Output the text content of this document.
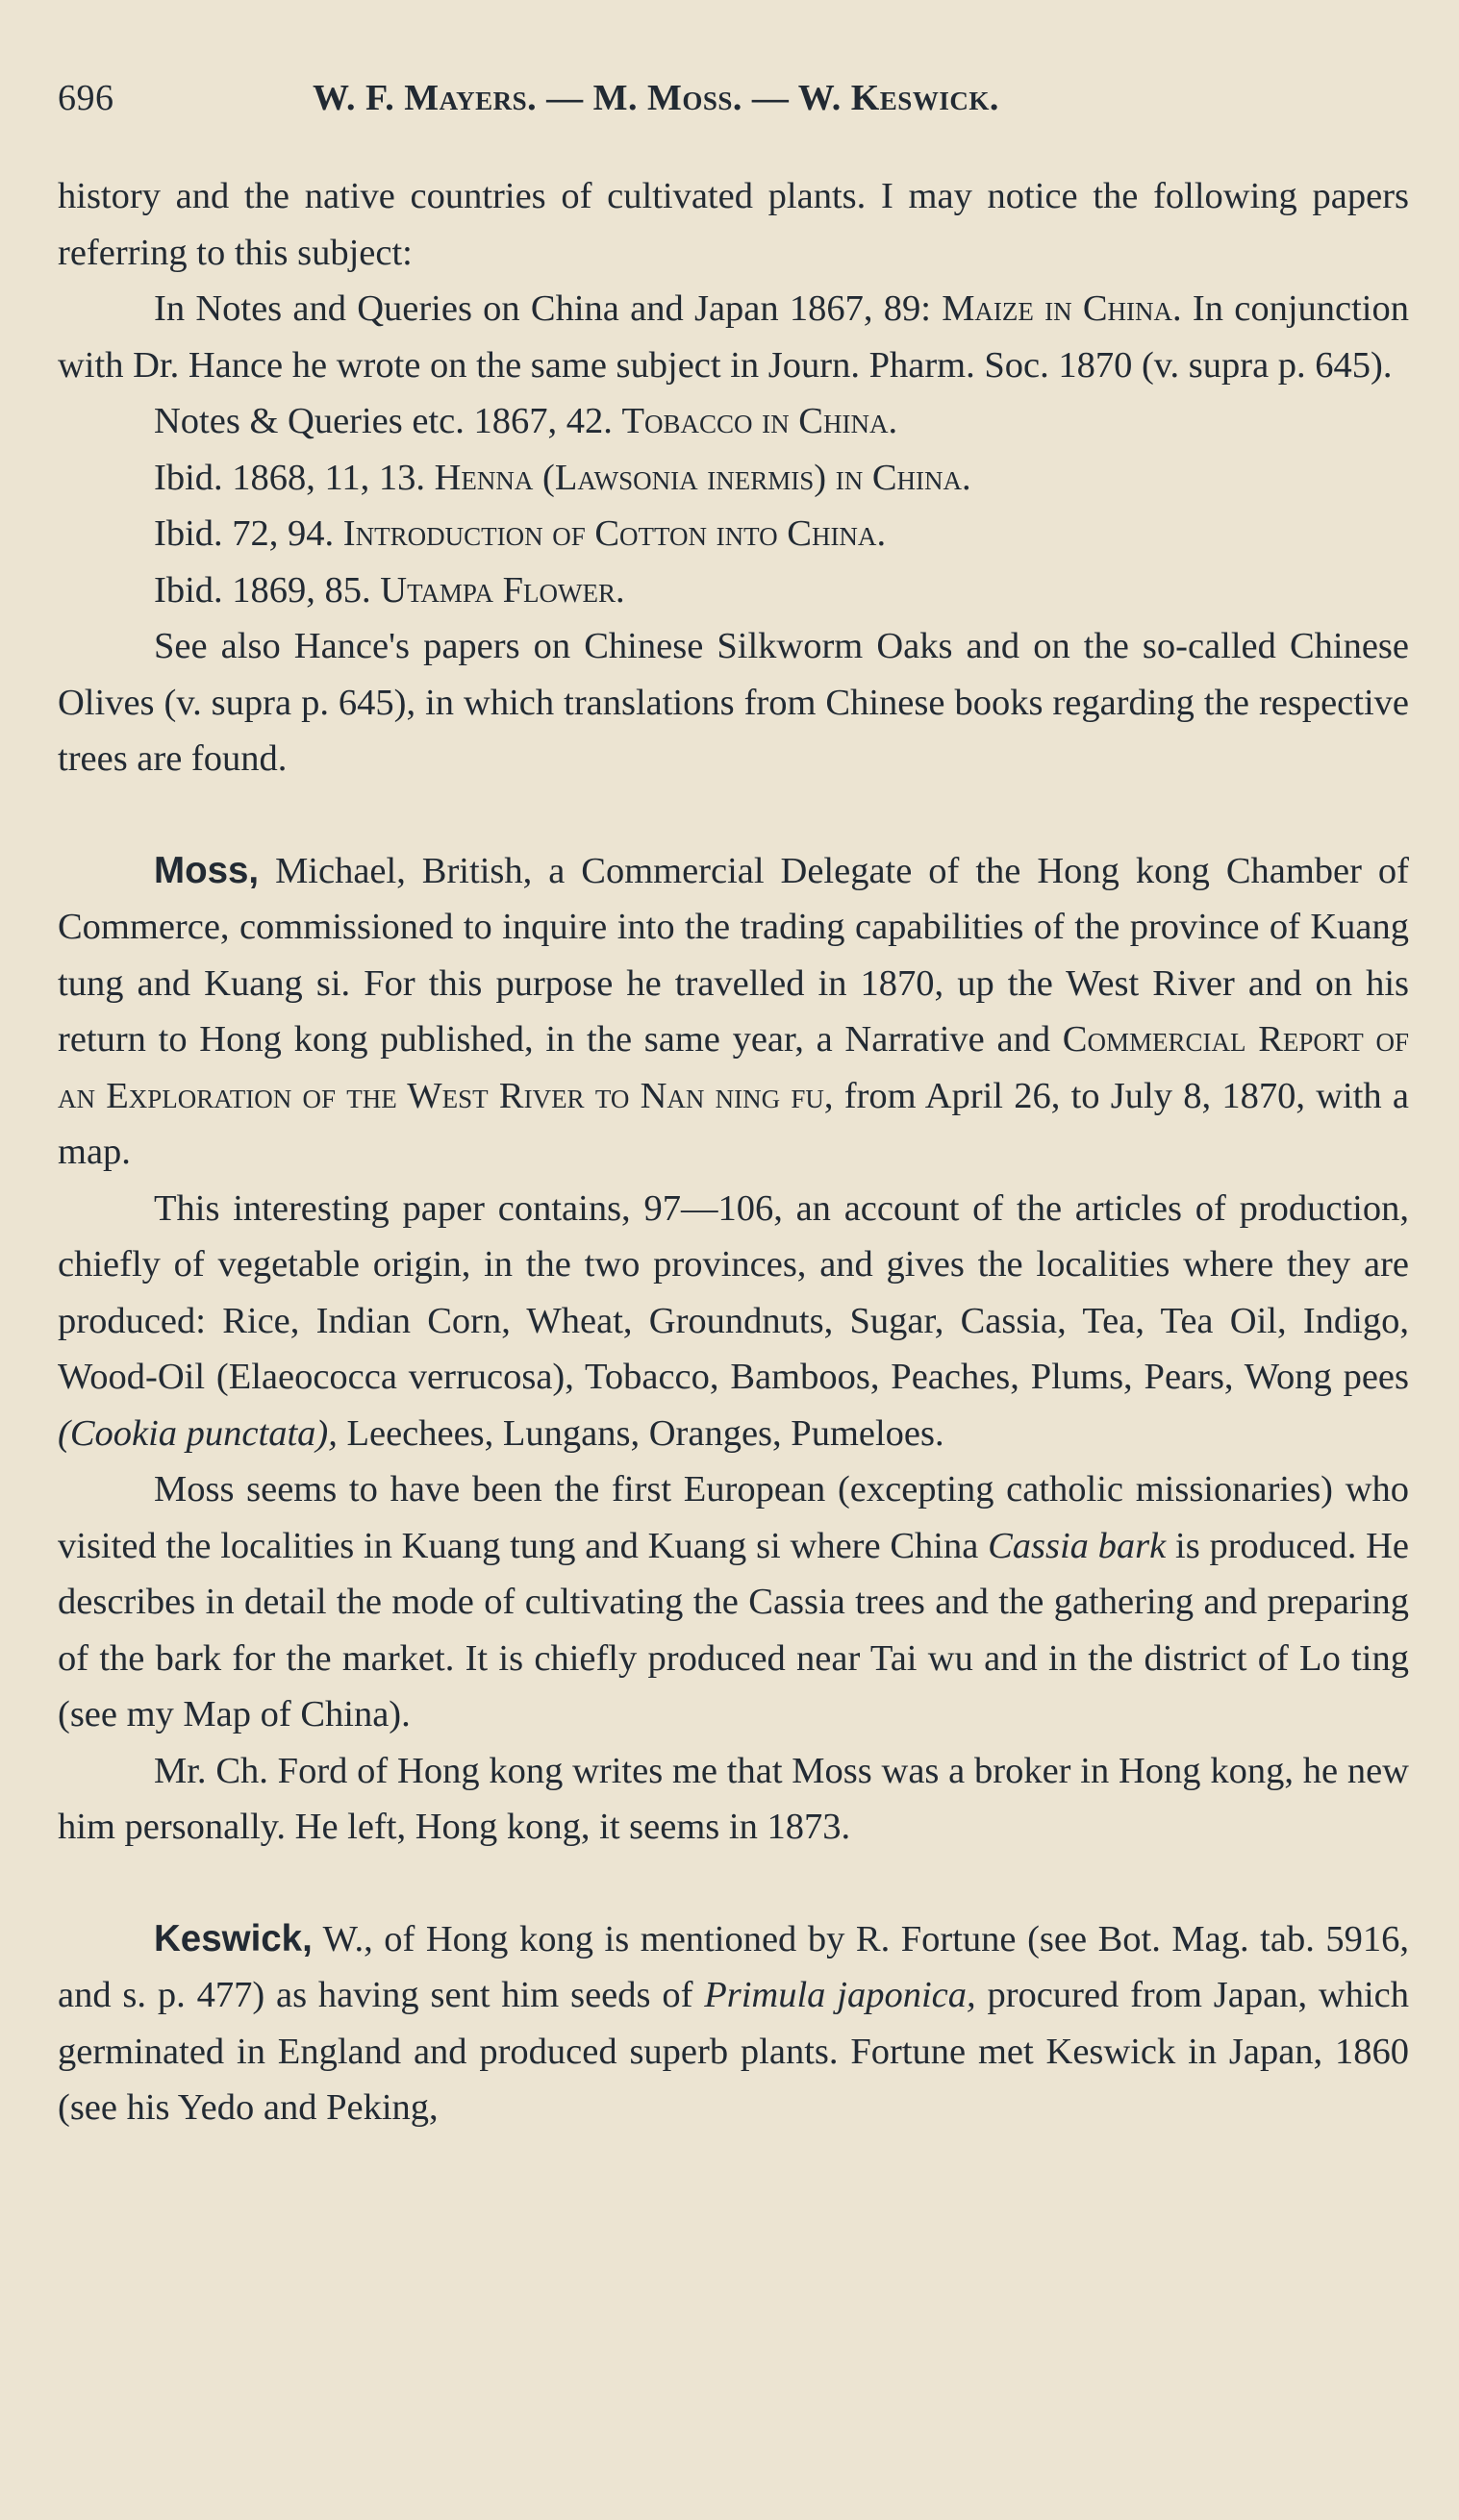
696	W. F. Mayers. — M. Moss. — W. Keswick.

history and the native countries of cultivated plants. I may notice the following papers referring to this subject:

In Notes and Queries on China and Japan 1867, 89: Maize in China. In conjunction with Dr. Hance he wrote on the same subject in Journ. Pharm. Soc. 1870 (v. supra p. 645).

Notes & Queries etc. 1867, 42. Tobacco in China.

Ibid. 1868, 11, 13. Henna (Lawsonia inermis) in China.

Ibid. 72, 94. Introduction of Cotton into China.

Ibid. 1869, 85. Utampa Flower.

See also Hance's papers on Chinese Silkworm Oaks and on the so-called Chinese Olives (v. supra p. 645), in which translations from Chinese books regarding the respective trees are found.

Moss, Michael, British, a Commercial Delegate of the Hong kong Chamber of Commerce, commissioned to inquire into the trading capabilities of the province of Kuang tung and Kuang si. For this purpose he travelled in 1870, up the West River and on his return to Hong kong published, in the same year, a Narrative and Commercial Report of an Exploration of the West River to Nan ning fu, from April 26, to July 8, 1870, with a map.

This interesting paper contains, 97—106, an account of the articles of production, chiefly of vegetable origin, in the two provinces, and gives the localities where they are produced: Rice, Indian Corn, Wheat, Groundnuts, Sugar, Cassia, Tea, Tea Oil, Indigo, Wood-Oil (Elaeococca verrucosa), Tobacco, Bamboos, Peaches, Plums, Pears, Wong pees (Cookia punctata), Leechees, Lungans, Oranges, Pumeloes.

Moss seems to have been the first European (excepting catholic missionaries) who visited the localities in Kuang tung and Kuang si where China Cassia bark is produced. He describes in detail the mode of cultivating the Cassia trees and the gathering and preparing of the bark for the market. It is chiefly produced near Tai wu and in the district of Lo ting (see my Map of China).

Mr. Ch. Ford of Hong kong writes me that Moss was a broker in Hong kong, he new him personally. He left, Hong kong, it seems in 1873.

Keswick, W., of Hong kong is mentioned by R. Fortune (see Bot. Mag. tab. 5916, and s. p. 477) as having sent him seeds of Primula japonica, procured from Japan, which germinated in England and produced superb plants. Fortune met Keswick in Japan, 1860 (see his Yedo and Peking,
